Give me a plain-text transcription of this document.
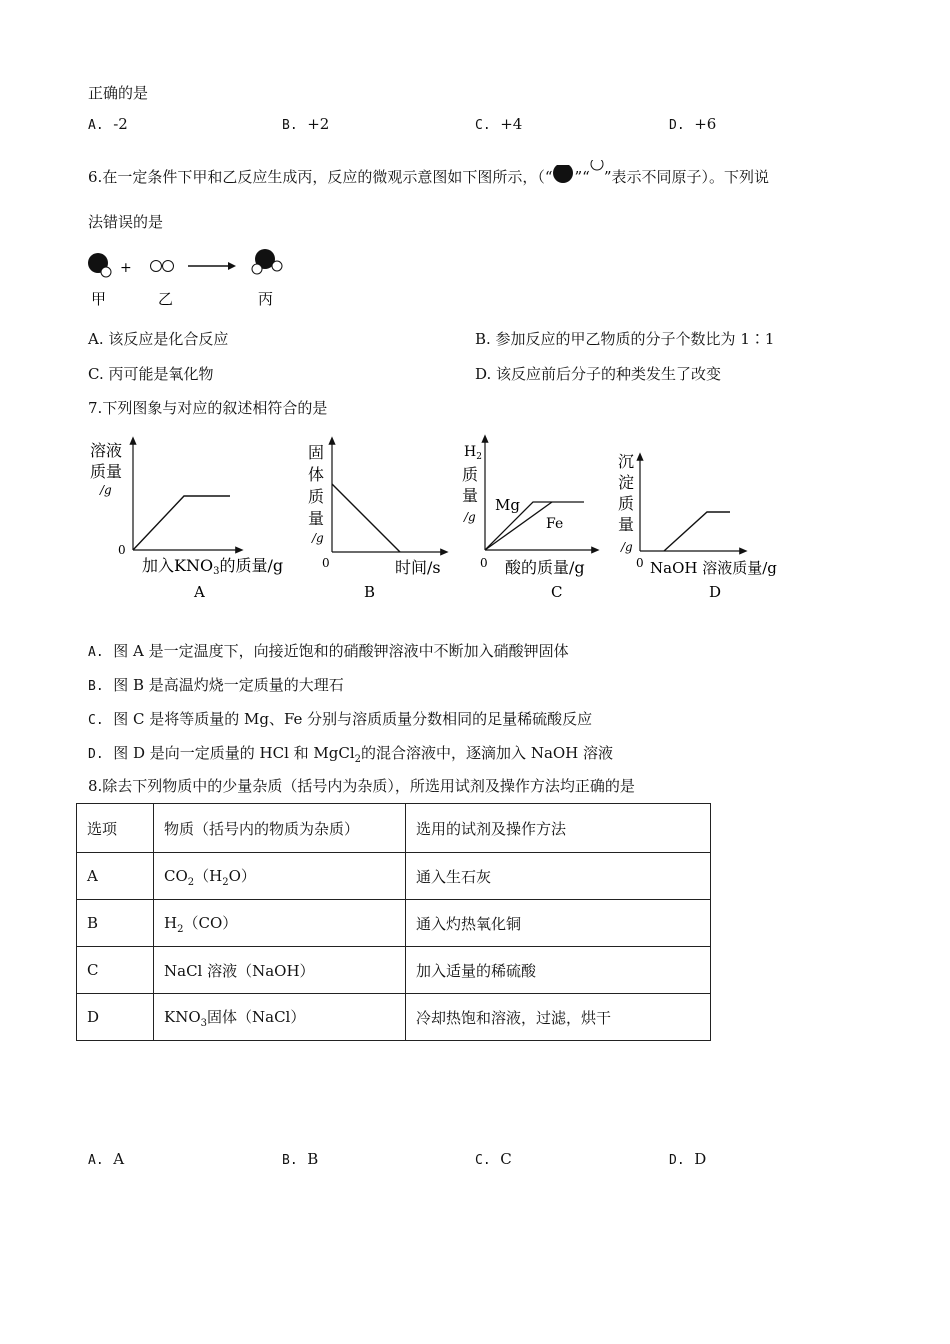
正确的是
A. -2	B. +2	C. +4	D. +6
6.在一定条件下甲和乙反应生成丙，反应的微观示意图如下图所示，（“ ”“ ”表示不同原子）。下列说
法错误的是
+
甲	乙	丙
A. 该反应是化合反应	B. 参加反应的甲乙物质的分子个数比为 1∶1
C. 丙可能是氧化物	D. 该反应前后分子的种类发生了改变
7.下列图象与对应的叙述相符合的是
溶液
质量
/g
0
加入KNO3的质量/g
A
固
体
质
量
/g
0	时间/s
B
$H_2$
质
量
/g
0
Mg
Fe
酸的质量/g
C
沉
淀
质
量
/g
0 NaOH 溶液质量/g
D
A. 图 A 是一定温度下，向接近饱和的硝酸钾溶液中不断加入硝酸钾固体
B. 图 B 是高温灼烧一定质量的大理石
C. 图 C 是将等质量的 Mg、Fe 分别与溶质质量分数相同的足量稀硫酸反应
D. 图 D 是向一定质量的 HCl 和 MgCl$_2$的混合溶液中，逐滴加入 NaOH 溶液
8.除去下列物质中的少量杂质（括号内为杂质），所选用试剂及操作方法均正确的是
选项	物质（括号内的物质为杂质）	选用的试剂及操作方法
A	$CO_2(H_2O)$	通入生石灰
B	$H_2(CO)$	通入灼热氧化铜
C	NaCl 溶液（NaOH）	加入适量的稀硫酸
D	$KNO_3$固体（NaCl）	冷却热饱和溶液，过滤，烘干
A. A	B. B	C. C	D. D
